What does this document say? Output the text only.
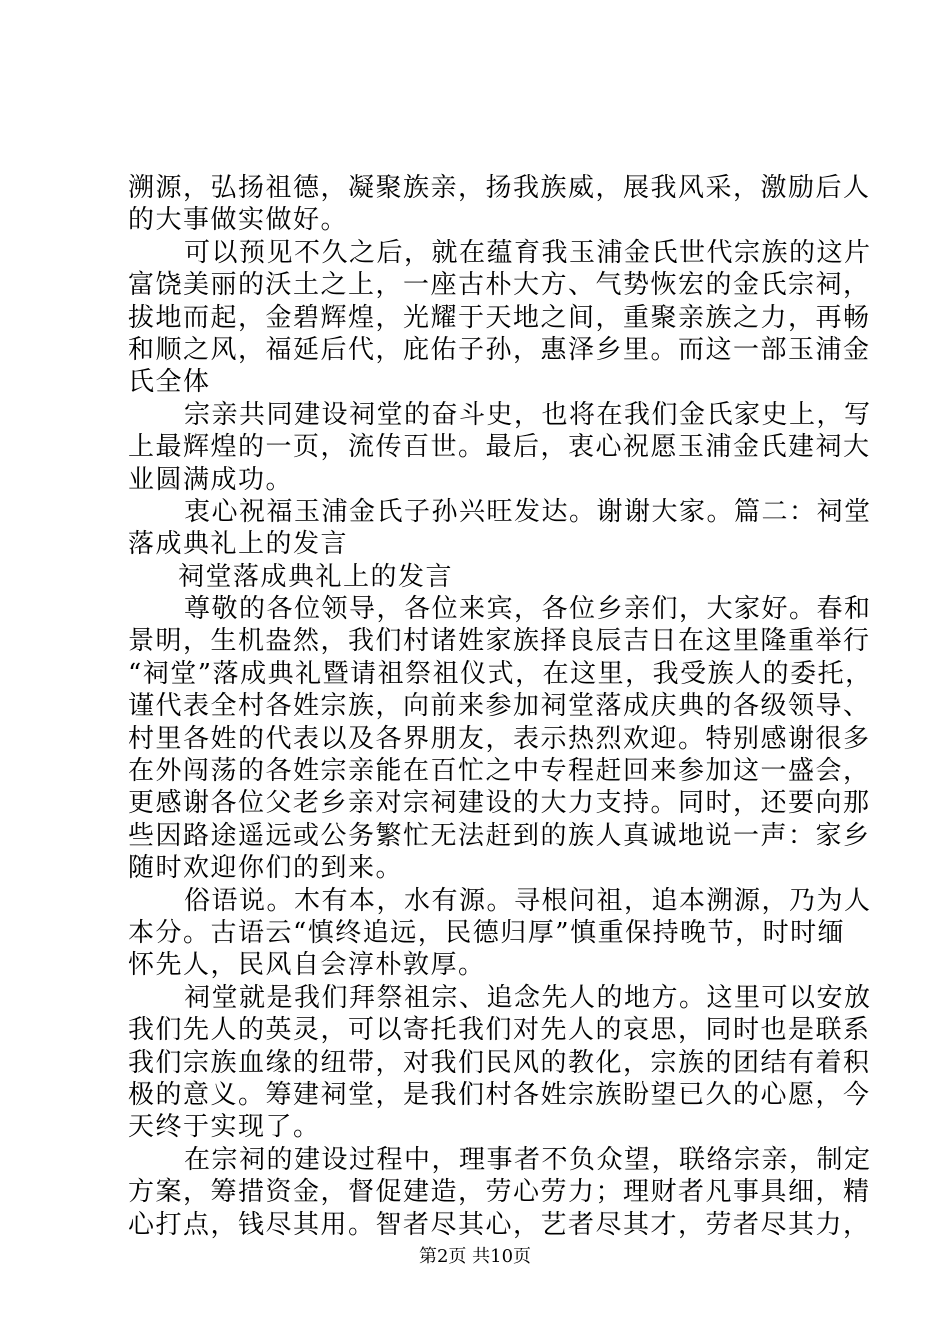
溯源，弘扬祖德，凝聚族亲，扬我族威，展我风采，激励后人
的大事做实做好。
可以预见不久之后，就在蕴育我玉浦金氏世代宗族的这片
富饶美丽的沃土之上，一座古朴大方、气势恢宏的金氏宗祠，
拔地而起，金碧辉煌，光耀于天地之间，重聚亲族之力，再畅
和顺之风，福延后代，庇佑子孙，惠泽乡里。而这一部玉浦金
氏全体
宗亲共同建设祠堂的奋斗史，也将在我们金氏家史上，写
上最辉煌的一页，流传百世。最后，衷心祝愿玉浦金氏建祠大
业圆满成功。
衷心祝福玉浦金氏子孙兴旺发达。谢谢大家。篇二：祠堂
落成典礼上的发言
祠堂落成典礼上的发言
尊敬的各位领导，各位来宾，各位乡亲们，大家好。春和
景明，生机盎然，我们村诸姓家族择良辰吉日在这里隆重举行
“祠堂”落成典礼暨请祖祭祖仪式，在这里，我受族人的委托，
谨代表全村各姓宗族，向前来参加祠堂落成庆典的各级领导、
村里各姓的代表以及各界朋友，表示热烈欢迎。特别感谢很多
在外闯荡的各姓宗亲能在百忙之中专程赶回来参加这一盛会，
更感谢各位父老乡亲对宗祠建设的大力支持。同时，还要向那
些因路途遥远或公务繁忙无法赶到的族人真诚地说一声：家乡
随时欢迎你们的到来。
俗语说。木有本，水有源。寻根问祖，追本溯源，乃为人
本分。古语云“慎终追远，民德归厚”慎重保持晚节，时时缅
怀先人，民风自会淳朴敦厚。
祠堂就是我们拜祭祖宗、追念先人的地方。这里可以安放
我们先人的英灵，可以寄托我们对先人的哀思，同时也是联系
我们宗族血缘的纽带，对我们民风的教化，宗族的团结有着积
极的意义。筹建祠堂，是我们村各姓宗族盼望已久的心愿，今
天终于实现了。
在宗祠的建设过程中，理事者不负众望，联络宗亲，制定
方案，筹措资金，督促建造，劳心劳力；理财者凡事具细，精
心打点，钱尽其用。智者尽其心，艺者尽其才，劳者尽其力，
第2页 共10页
